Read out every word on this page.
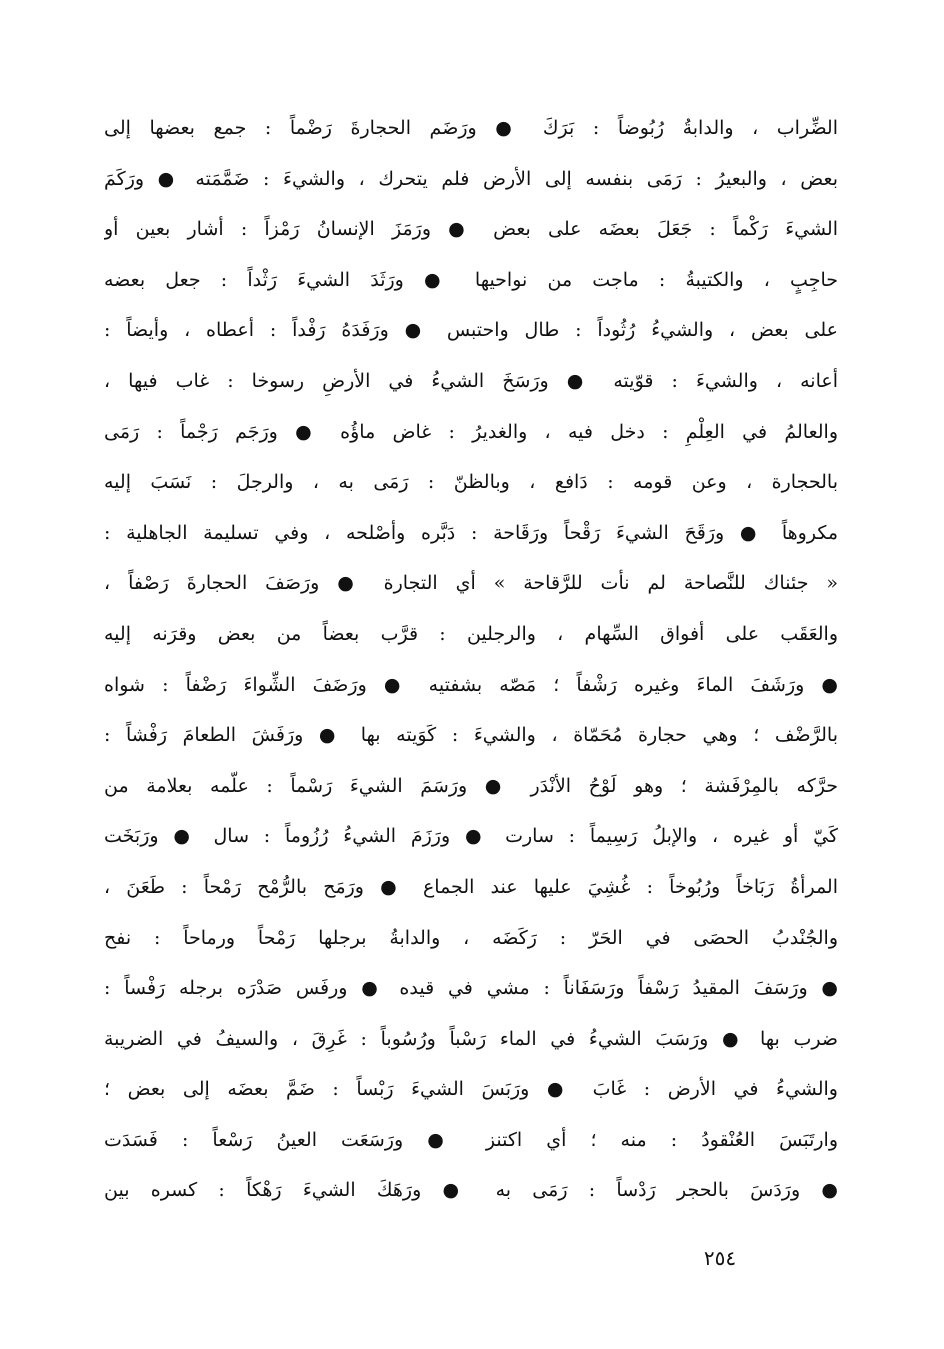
الضِّراب ، والدابةُ رُبُوضاً : بَرَكَ ● ورَضَم الحجارةَ رَضْماً : جمع بعضها إلى
بعض ، والبعيرُ : رَمَى بنفسه إلى الأرض فلم يتحرك ، والشيءَ : ضَمَّمَته ● ورَكَمَ
الشيءَ رَكْماً : جَعَلَ بعضَه على بعض ● ورَمَزَ الإنسانُ رَمْزاً : أشار بعين أو
حاجِبٍ ، والكتيبةُ : ماجت من نواحيها ● ورَثَدَ الشيءَ رَثْداً : جعل بعضه
على بعض ، والشيءُ رُثُوداً : طال واحتبس ● ورَفَدَهُ رَفْداً : أعطاه ، وأيضاً :
أعانه ، والشيءَ : قوّيته ● ورَسَخَ الشيءُ في الأرضِ رسوخا : غاب فيها ،
والعالمُ في العِلْمِ : دخل فيه ، والغديرُ : غاض ماؤُه ● ورَجَم رَجْماً : رَمَى
بالحجارة ، وعن قومه : دَافع ، وبالظنّ : رَمَى به ، والرجلَ : نَسَبَ إليه
مكروهاً ● ورَقَحَ الشيءَ رَقْحاً ورَقَاحة : دَبَّره وأصْلحه ، وفي تسليمة الجاهلية :
« جئناك للنَّصاحة لم نأت للرَّقاحة » أي التجارة ● ورَصَفَ الحجارةَ رَصْفاً ،
والعَقَب على أفواق السِّهام ، والرجلين : قرَّب بعضاً من بعض وقرَنه إليه
● ورَشَفَ الماءَ وغيره رَشْفاً ؛ مَصّه بشفتيه ● ورَضَفَ الشِّواءَ رَضْفاً : شواه
بالرَّضْف ؛ وهي حجارة مُحَمّاة ، والشيءَ : كَوَيته بها ● ورَفَشَ الطعامَ رَفْشاً :
حرَّكه بالمِرْفَشة ؛ وهو لَوْحُ الأنْدَر ● ورَسَمَ الشيءَ رَسْماً : علّمه بعلامة من
كَيّ أو غيره ، والإبلُ رَسِيماً : سارت ● ورَزَمَ الشيءُ رُزُوماً : سال ● ورَبَخَت
المرأةُ رَبَاخاً ورُبُوخاً : غُشِيَ عليها عند الجماع ● ورَمَح بالرُّمْح رَمْحاً : طَعَنَ ،
والجُنْدبُ الحصَى في الحَرّ : رَكَضَه ، والدابةُ برجلها رَمْحاً ورماحاً : نفح
● ورَسَفَ المقيدُ رَسْفاً ورَسَفَاناً : مشي في قيده ● ورفَس صَدْرَه برجله رَفْساً :
ضرب بها ● ورَسَبَ الشيءُ في الماء رَسْباً ورُسُوباً : غَرِقَ ، والسيفُ في الضريبة
والشيءُ في الأرض : غَابَ ● ورَبَسَ الشيءَ رَبْساً : ضَمَّ بعضَه إلى بعض ؛
وارتَبَسَ العُنْقودُ : منه ؛ أي اكتنز ● ورَسَعَت العينُ رَسْعاً : فَسَدَت
● ورَدَسَ بالحجر رَدْساً : رَمَى به ● ورَهَكَ الشيءَ رَهْكاً : كسره بين
٢٥٤
